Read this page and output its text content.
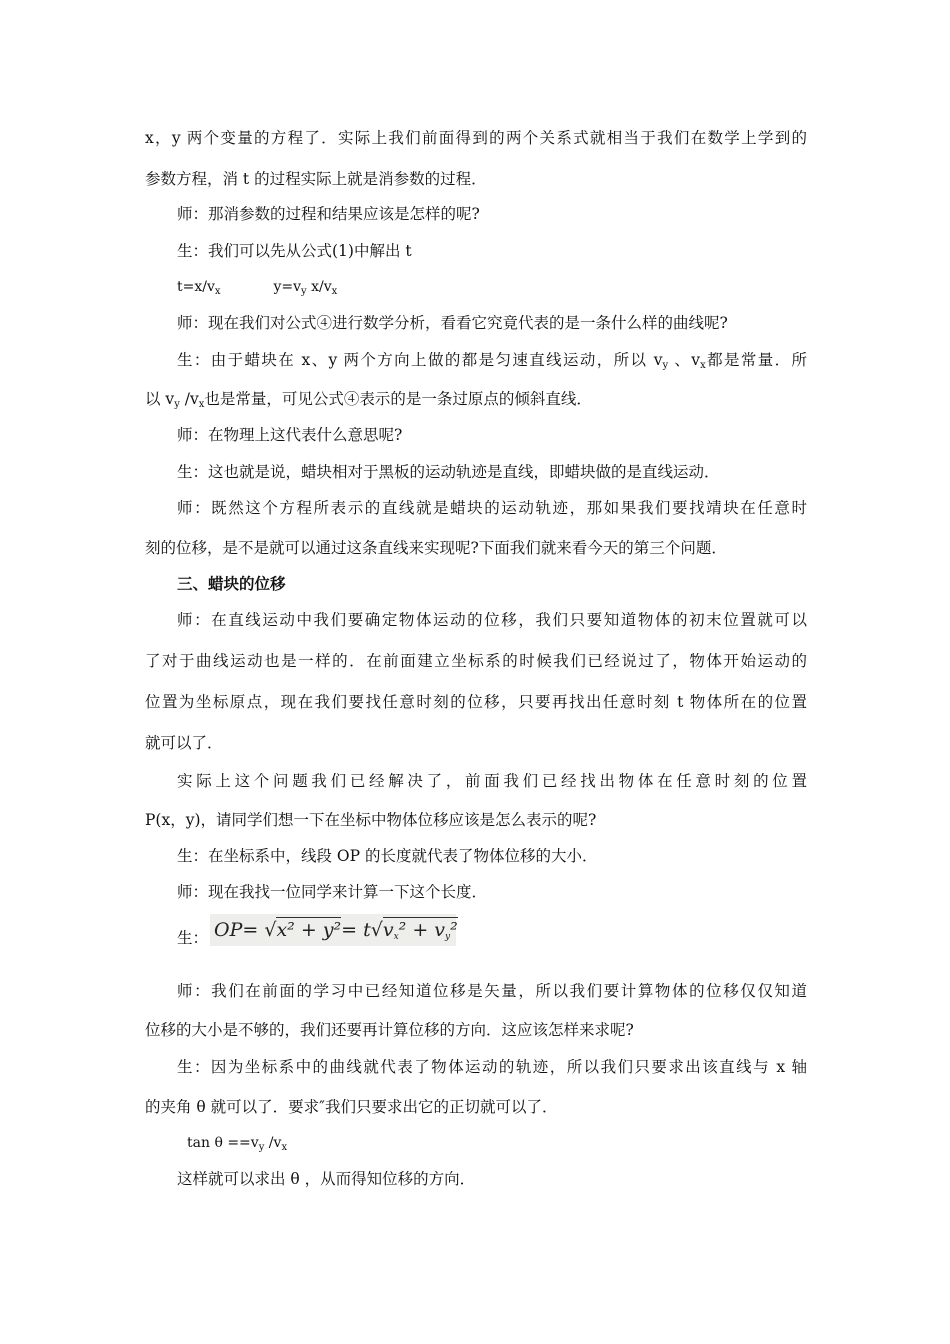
x，y 两个变量的方程了．实际上我们前面得到的两个关系式就相当于我们在数学上学到的
参数方程，消 t 的过程实际上就是消参数的过程．
师：那消参数的过程和结果应该是怎样的呢?
生：我们可以先从公式(1)中解出 t
$t=x/v_x$	$y=v_y$ $x/v_x$
师：现在我们对公式④进行数学分析，看看它究竟代表的是一条什么样的曲线呢?
生：由于蜡块在 x、y 两个方向上做的都是匀速直线运动，所以 $v_y$ 、$v_x$都是常量．所
以 $v_y$ $/v_x$也是常量，可见公式④表示的是一条过原点的倾斜直线．
师：在物理上这代表什么意思呢?
生：这也就是说，蜡块相对于黑板的运动轨迹是直线，即蜡块做的是直线运动．
师：既然这个方程所表示的直线就是蜡块的运动轨迹，那如果我们要找靖块在任意时
刻的位移，是不是就可以通过这条直线来实现呢?下面我们就来看今天的第三个问题．
三、蜡块的位移
师：在直线运动中我们要确定物体运动的位移，我们只要知道物体的初末位置就可以
了对于曲线运动也是一样的．在前面建立坐标系的时候我们已经说过了，物体开始运动的
位置为坐标原点，现在我们要找任意时刻的位移，只要再找出任意时刻 t 物体所在的位置
就可以了．
实际上这个问题我们已经解决了，前面我们已经找出物体在任意时刻的位置
P(x，y)，请同学们想一下在坐标中物体位移应该是怎么表示的呢?
生：在坐标系中，线段 OP 的长度就代表了物体位移的大小．
师：现在我找一位同学来计算一下这个长度．
生： $OP= √x^2 + y^2= t√v_x^2 + v_y^2$
师：我们在前面的学习中已经知道位移是矢量，所以我们要计算物体的位移仅仅知道
位移的大小是不够的，我们还要再计算位移的方向．这应该怎样来求呢?
生：因为坐标系中的曲线就代表了物体运动的轨迹，所以我们只要求出该直线与 x 轴
的夹角 θ 就可以了．要求″我们只要求出它的正切就可以了．
$\tan \theta ==v_y$ $/v_x$
这样就可以求出 θ ，从而得知位移的方向．
